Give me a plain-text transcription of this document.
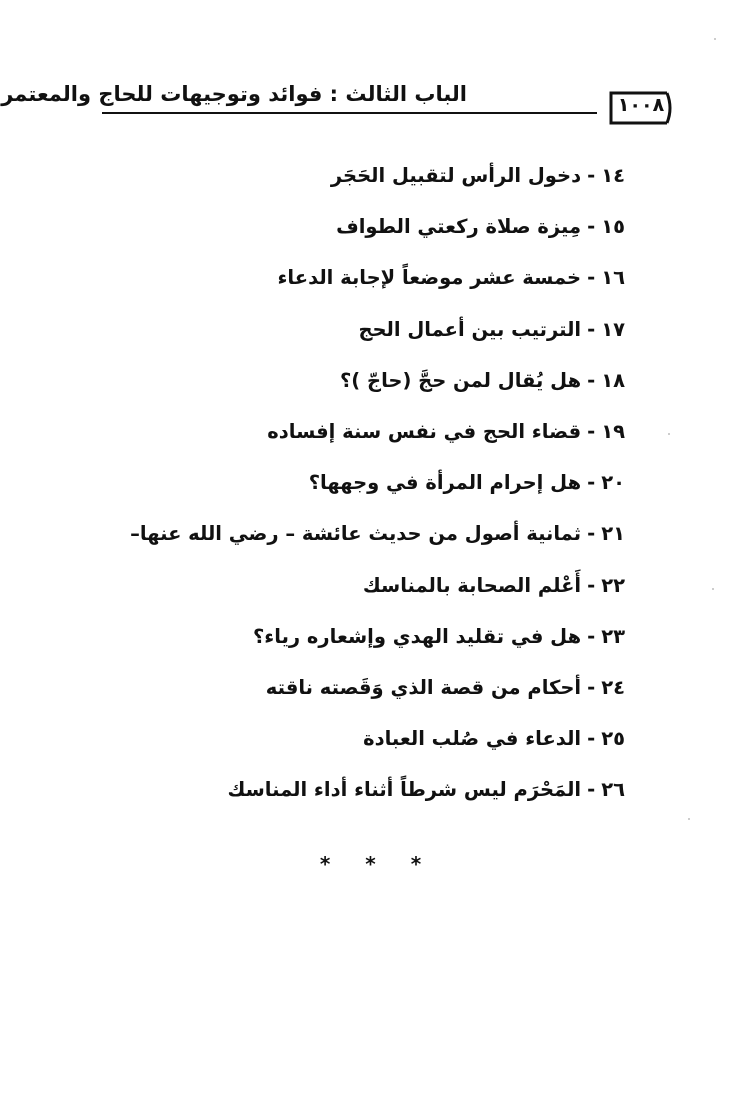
الباب الثالث : فوائد وتوجيهات للحاج والمعتمر	١٠٠٨
١٤
-
دخول الرأس لتقبيل الحَجَر
١٥
-
مِيزة صلاة ركعتي الطواف
١٦
-
خمسة عشر موضعاً لإجابة الدعاء
١٧
-
الترتيب بين أعمال الحج
١٨
-
هل يُقال لمن حجَّ (حاجّ )؟
١٩
-
قضاء الحج في نفس سنة إفساده
٢٠
-
هل إحرام المرأة في وجهها؟
٢١
-
ثمانية أصول من حديث عائشة – رضي الله عنها–
٢٢
-
أَعْلم الصحابة بالمناسك
٢٣
-
هل في تقليد الهدي وإشعاره رياء؟
٢٤
-
أحكام من قصة الذي وَقَصته ناقته
٢٥
-
الدعاء في صُلب العبادة
٢٦
-
المَحْرَم ليس شرطاً أثناء أداء المناسك
* * *
